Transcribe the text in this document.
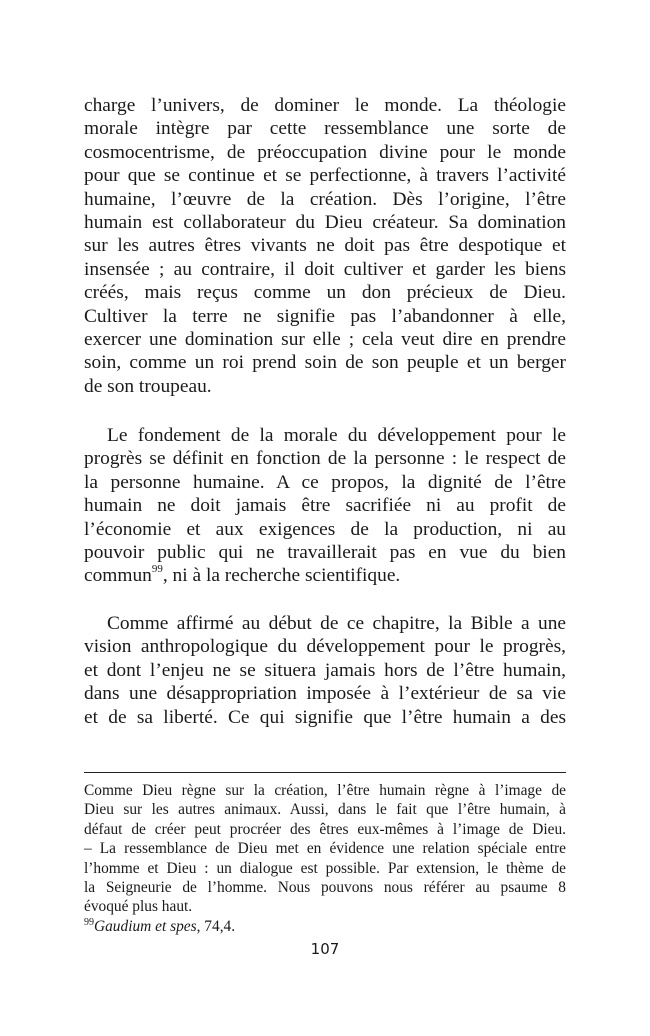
charge l’univers, de dominer le monde. La théologie
morale intègre par cette ressemblance une sorte de
cosmocentrisme, de préoccupation divine pour le monde
pour que se continue et se perfectionne, à travers l’activité
humaine, l’œuvre de la création. Dès l’origine, l’être
humain est collaborateur du Dieu créateur. Sa domination
sur les autres êtres vivants ne doit pas être despotique et
insensée ; au contraire, il doit cultiver et garder les biens
créés, mais reçus comme un don précieux de Dieu.
Cultiver la terre ne signifie pas l’abandonner à elle,
exercer une domination sur elle ; cela veut dire en prendre
soin, comme un roi prend soin de son peuple et un berger
de son troupeau.
Le fondement de la morale du développement pour le
progrès se définit en fonction de la personne : le respect de
la personne humaine. A ce propos, la dignité de l’être
humain ne doit jamais être sacrifiée ni au profit de
l’économie et aux exigences de la production, ni au
pouvoir public qui ne travaillerait pas en vue du bien
commun$^{99}$, ni à la recherche scientifique.
Comme affirmé au début de ce chapitre, la Bible a une
vision anthropologique du développement pour le progrès,
et dont l’enjeu ne se situera jamais hors de l’être humain,
dans une désappropriation imposée à l’extérieur de sa vie
et de sa liberté. Ce qui signifie que l’être humain a des
Comme Dieu règne sur la création, l’être humain règne à l’image de
Dieu sur les autres animaux. Aussi, dans le fait que l’être humain, à
défaut de créer peut procréer des êtres eux-mêmes à l’image de Dieu.
– La ressemblance de Dieu met en évidence une relation spéciale entre
l’homme et Dieu : un dialogue est possible. Par extension, le thème de
la Seigneurie de l’homme. Nous pouvons nous référer au psaume 8
évoqué plus haut.
$^{99}$Gaudium et spes, 74,4.
107
